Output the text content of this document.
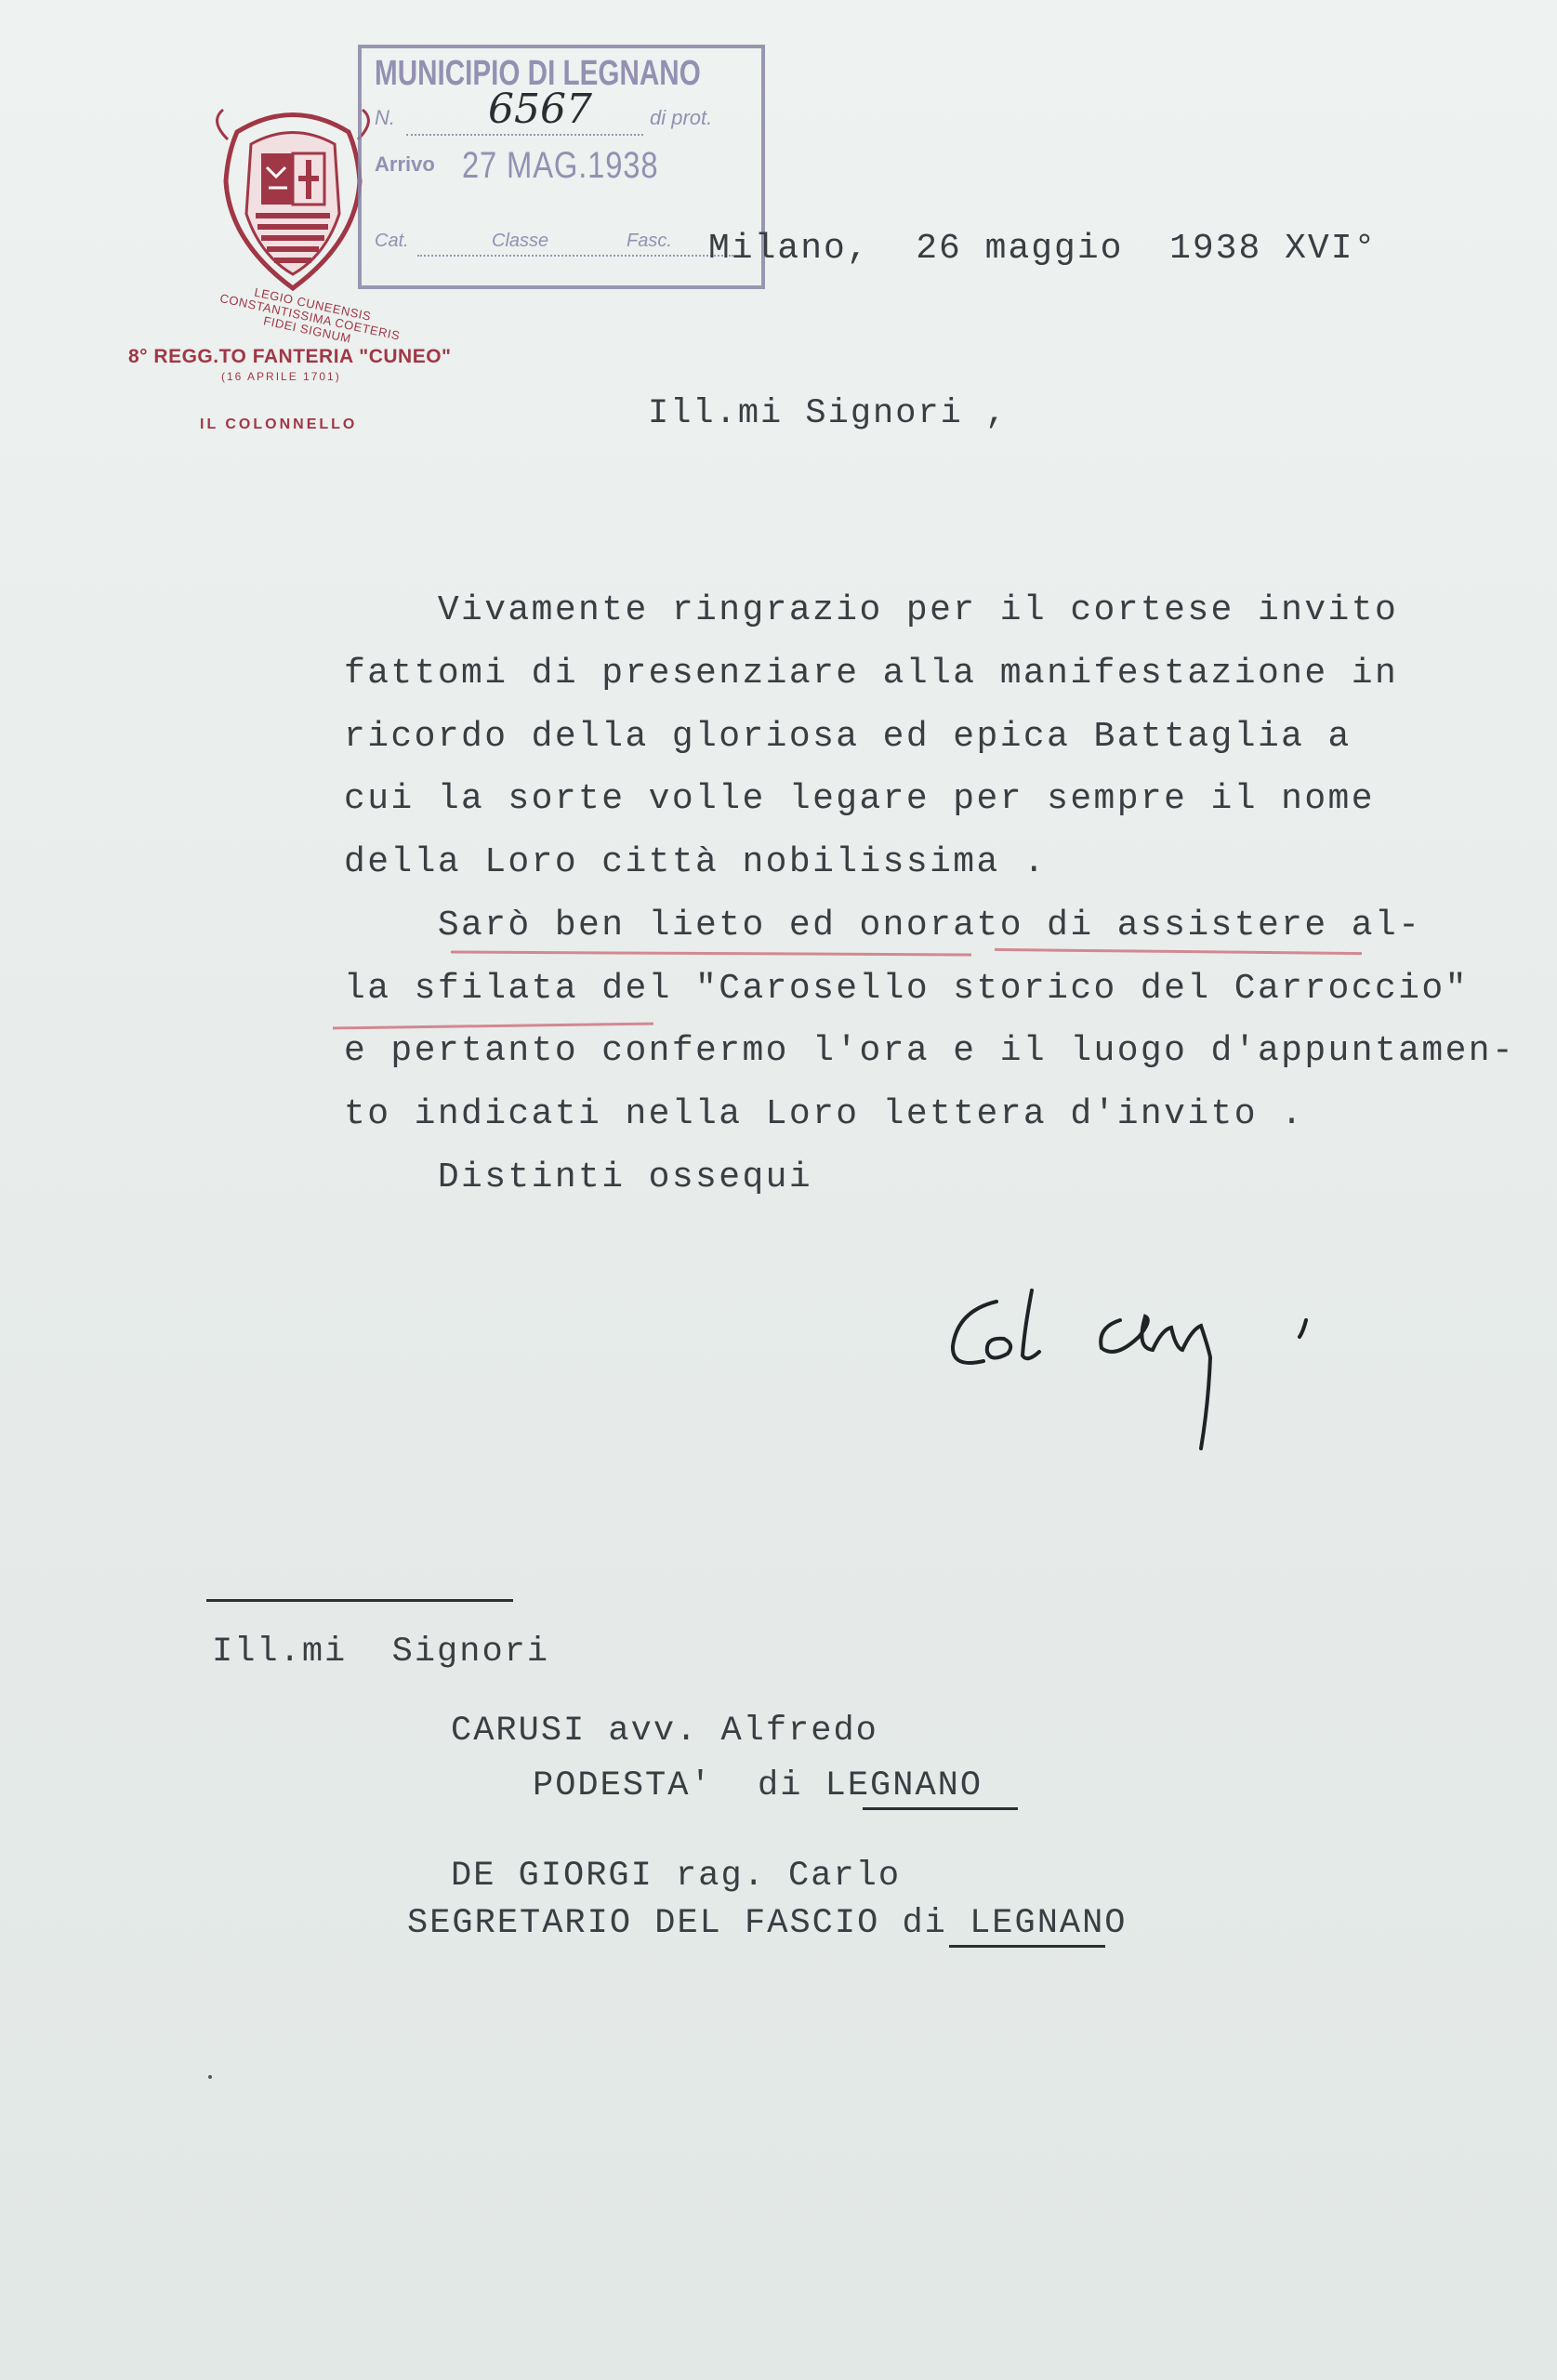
LEGIO CUNEENSIS CONSTANTISSIMA COETERIS FIDEI SIGNUM
8° REGG.TO FANTERIA "CUNEO"
(16 APRILE 1701)
IL COLONNELLO
MUNICIPIO DI LEGNANO
N.	di prot.
Arrivo 27 MAG.1938
Cat.	Classe	Fasc.
6567
Milano,  26 maggio  1938 XVI°
Ill.mi Signori ,
Vivamente ringrazio per il cortese invito
fattomi di presenziare alla manifestazione in
ricordo della gloriosa ed epica Battaglia a
cui la sorte volle legare per sempre il nome
della Loro città nobilissima .
Sarò ben lieto ed onorato di assistere al-
la sfilata del "Carosello storico del Carroccio"
e pertanto confermo l'ora e il luogo d'appuntamen-
to indicati nella Loro lettera d'invito .
Distinti ossequi
Ill.mi  Signori
CARUSI avv. Alfredo
PODESTA'  di LEGNANO
DE GIORGI rag. Carlo
SEGRETARIO DEL FASCIO di LEGNANO
